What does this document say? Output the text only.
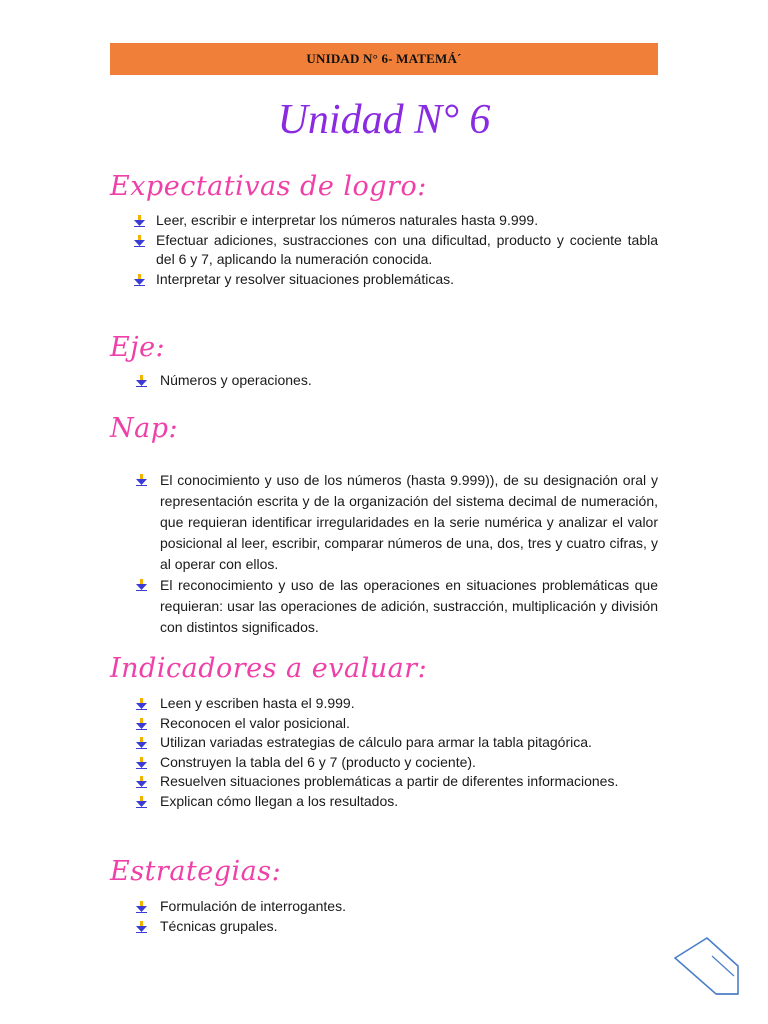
UNIDAD N° 6- MATEMÁ´
Unidad N° 6
Expectativas de logro:
Leer, escribir e interpretar los números naturales hasta 9.999.
Efectuar adiciones, sustracciones con una dificultad, producto y cociente tabla del 6 y 7, aplicando la numeración conocida.
Interpretar y resolver situaciones problemáticas.
Eje:
Números y operaciones.
Nap:
El conocimiento y uso de los números (hasta 9.999)), de su designación oral y representación escrita y de la organización del sistema decimal de numeración, que requieran identificar irregularidades en la serie numérica y analizar el valor posicional al leer, escribir, comparar números de una, dos, tres y cuatro cifras, y al operar con ellos.
El reconocimiento y uso de las operaciones en situaciones problemáticas que requieran: usar las operaciones de adición, sustracción, multiplicación y división con distintos significados.
Indicadores a evaluar:
Leen y escriben hasta el 9.999.
Reconocen el valor posicional.
Utilizan variadas estrategias de cálculo para armar la tabla pitagórica.
Construyen la tabla del 6 y 7 (producto y cociente).
Resuelven situaciones problemáticas a partir de diferentes informaciones.
Explican cómo llegan a los resultados.
Estrategias:
Formulación de interrogantes.
Técnicas grupales.
